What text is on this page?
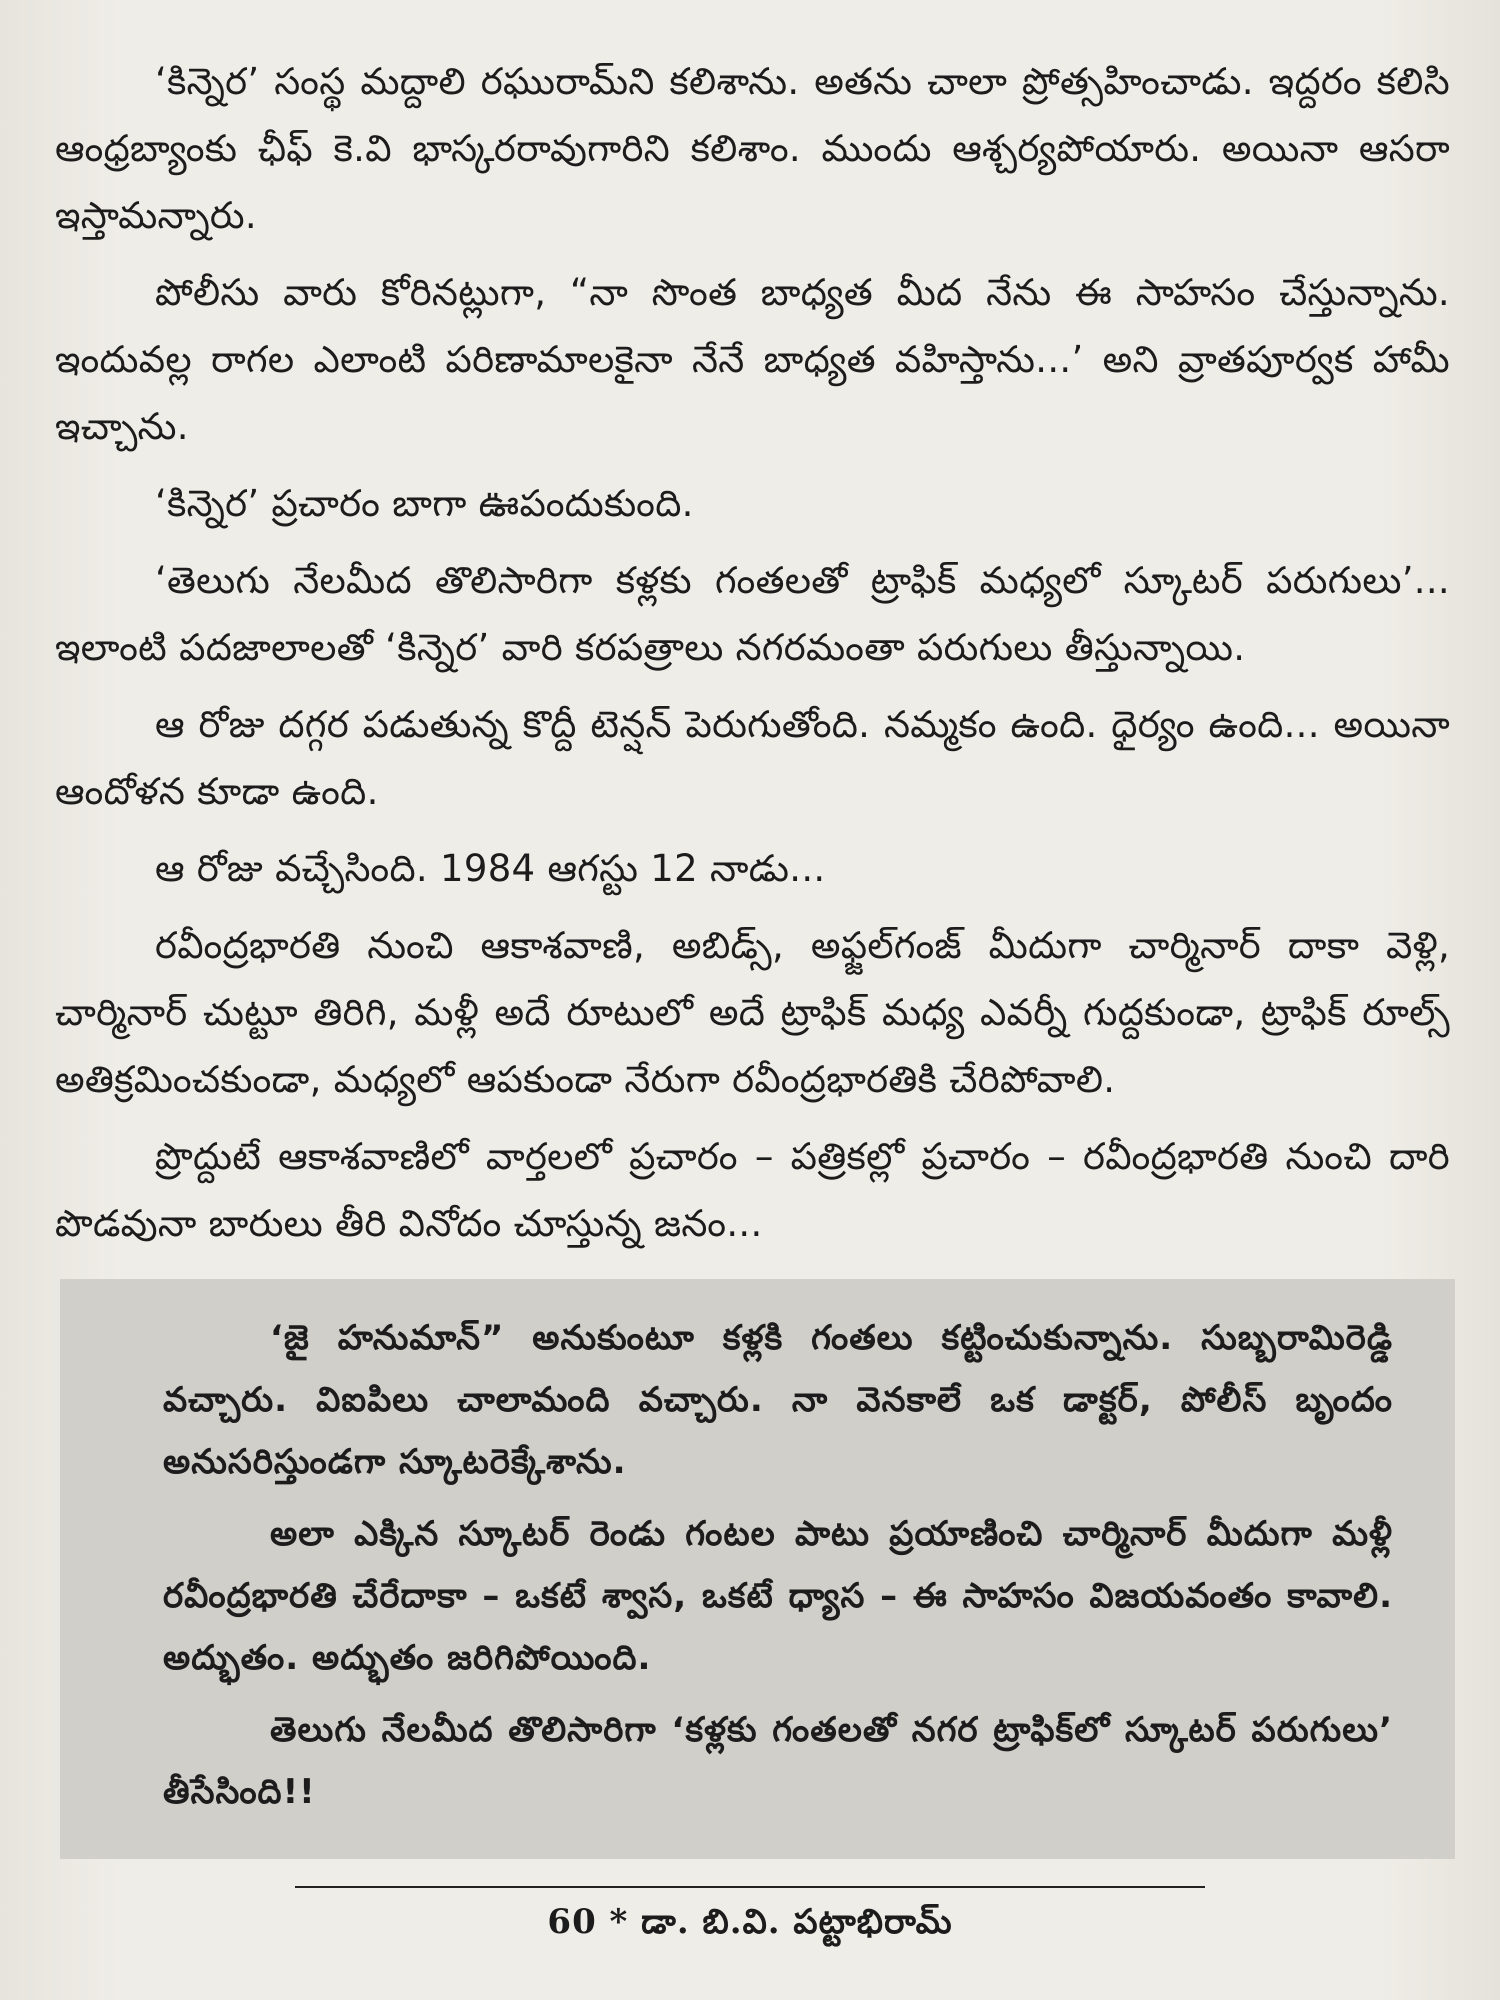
‘కిన్నెర’ సంస్థ మద్దాలి రఘురామ్‌ని కలిశాను. అతను చాలా ప్రోత్సహించాడు. ఇద్దరం కలిసి ఆంధ్రబ్యాంకు ఛీఫ్ కె.వి భాస్కరరావుగారిని కలిశాం. ముందు ఆశ్చర్యపోయారు. అయినా ఆసరా ఇస్తామన్నారు.

పోలీసు వారు కోరినట్లుగా, “నా సొంత బాధ్యత మీద నేను ఈ సాహసం చేస్తున్నాను. ఇందువల్ల రాగల ఎలాంటి పరిణామాలకైనా నేనే బాధ్యత వహిస్తాను...’ అని వ్రాతపూర్వక హామీ ఇచ్చాను.

‘కిన్నెర’ ప్రచారం బాగా ఊపందుకుంది.

‘తెలుగు నేలమీద తొలిసారిగా కళ్లకు గంతలతో ట్రాఫిక్ మధ్యలో స్కూటర్ పరుగులు’... ఇలాంటి పదజాలాలతో ‘కిన్నెర’ వారి కరపత్రాలు నగరమంతా పరుగులు తీస్తున్నాయి.

ఆ రోజు దగ్గర పడుతున్న కొద్దీ టెన్షన్ పెరుగుతోంది. నమ్మకం ఉంది. ధైర్యం ఉంది... అయినా ఆందోళన కూడా ఉంది.

ఆ రోజు వచ్చేసింది. 1984 ఆగస్టు 12 నాడు...

రవీంద్రభారతి నుంచి ఆకాశవాణి, అబిడ్స్, అఫ్జల్‌గంజ్ మీదుగా చార్మినార్ దాకా వెళ్లి, చార్మినార్ చుట్టూ తిరిగి, మళ్లీ అదే రూటులో అదే ట్రాఫిక్ మధ్య ఎవర్నీ గుద్దకుండా, ట్రాఫిక్ రూల్స్ అతిక్రమించకుండా, మధ్యలో ఆపకుండా నేరుగా రవీంద్రభారతికి చేరిపోవాలి.

ప్రొద్దుటే ఆకాశవాణిలో వార్తలలో ప్రచారం – పత్రికల్లో ప్రచారం – రవీంద్రభారతి నుంచి దారి పొడవునా బారులు తీరి వినోదం చూస్తున్న జనం...

‘జై హనుమాన్” అనుకుంటూ కళ్లకి గంతలు కట్టించుకున్నాను. సుబ్బరామిరెడ్డి వచ్చారు. విఐపిలు చాలామంది వచ్చారు. నా వెనకాలే ఒక డాక్టర్, పోలీస్ బృందం అనుసరిస్తుండగా స్కూటరెక్కేశాను.

అలా ఎక్కిన స్కూటర్ రెండు గంటల పాటు ప్రయాణించి చార్మినార్ మీదుగా మళ్లీ రవీంద్రభారతి చేరేదాకా – ఒకటే శ్వాస, ఒకటే ధ్యాస – ఈ సాహసం విజయవంతం కావాలి. అద్భుతం. అద్భుతం జరిగిపోయింది.

తెలుగు నేలమీద తొలిసారిగా ‘కళ్లకు గంతలతో నగర ట్రాఫిక్‌లో స్కూటర్ పరుగులు’ తీసేసింది!!

60 * డా. బి.వి. పట్టాభిరామ్
